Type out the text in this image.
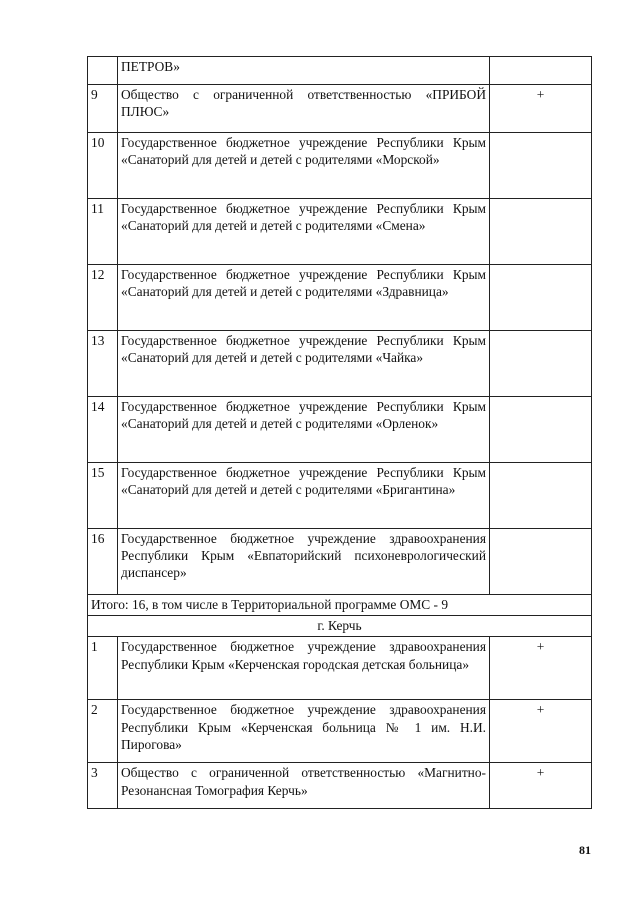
	ПЕТРОВ»	
9	Общество с ограниченной ответственностью «ПРИБОЙ ПЛЮС»	+
10	Государственное бюджетное учреждение Республики Крым «Санаторий для детей и детей с родителями «Морской»	
11	Государственное бюджетное учреждение Республики Крым «Санаторий для детей и детей с родителями «Смена»	
12	Государственное бюджетное учреждение Республики Крым «Санаторий для детей и детей с родителями «Здравница»	
13	Государственное бюджетное учреждение Республики Крым «Санаторий для детей и детей с родителями «Чайка»	
14	Государственное бюджетное учреждение Республики Крым «Санаторий для детей и детей с родителями «Орленок»	
15	Государственное бюджетное учреждение Республики Крым «Санаторий для детей и детей с родителями «Бригантина»	
16	Государственное бюджетное учреждение здравоохранения Республики Крым «Евпаторийский психоневрологический диспансер»	
Итого: 16, в том числе в Территориальной программе ОМС - 9		
г. Керчь		
1	Государственное бюджетное учреждение здравоохранения Республики Крым «Керченская городская детская больница»	+
2	Государственное бюджетное учреждение здравоохранения Республики Крым «Керченская больница № 1 им. Н.И. Пирогова»	+
3	Общество с ограниченной ответственностью «Магнитно-Резонансная Томография Керчь»	+
81
